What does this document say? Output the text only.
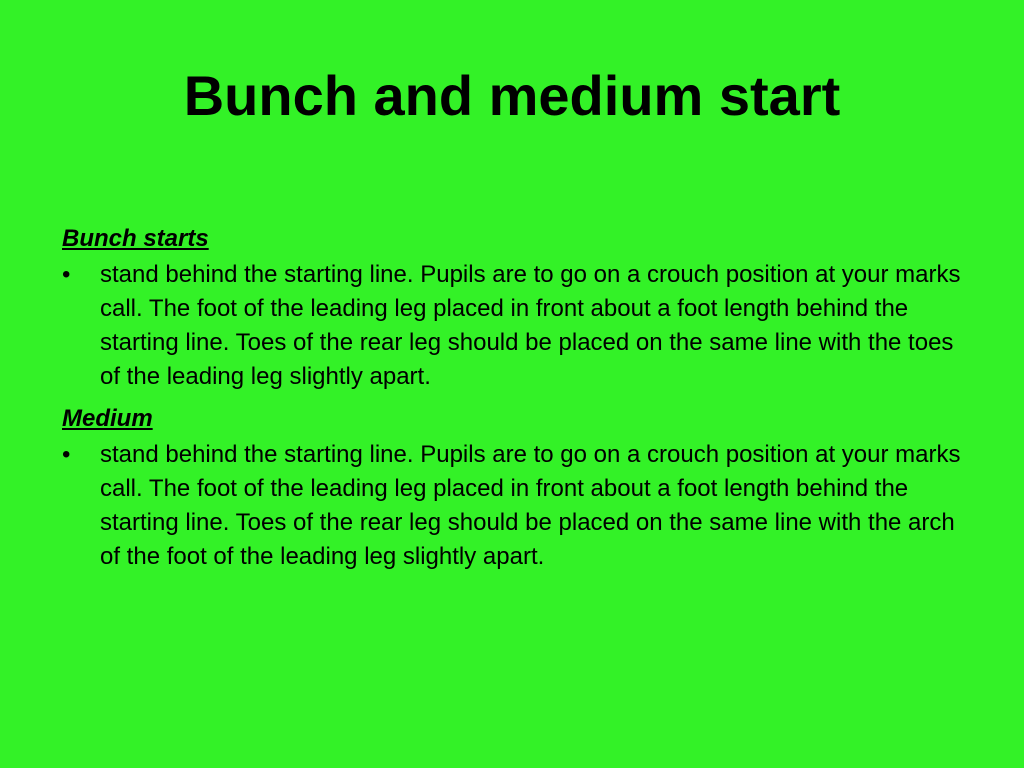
Bunch and medium start

Bunch starts

•	stand behind the starting line. Pupils are to go on a crouch position at your marks call. The foot of the leading leg placed in front about a foot length behind the starting line. Toes of the rear leg should be placed on the same line with the toes of the leading leg slightly apart.

Medium

•	stand behind the starting line. Pupils are to go on a crouch position at your marks call. The foot of the leading leg placed in front about a foot length behind the starting line. Toes of the rear leg should be placed on the same line with the arch of the foot of the leading leg slightly apart.
